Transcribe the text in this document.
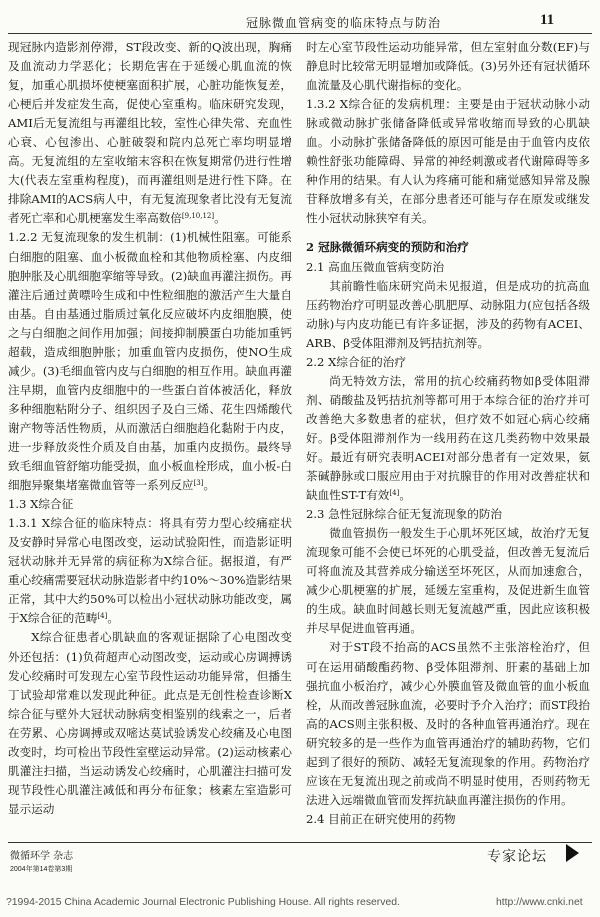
冠脉微血管病变的临床特点与防治	11

现冠脉内造影剂停滞，ST段改变、新的Q波出现，胸痛及血流动力学恶化；长期危害在于延缓心肌血流的恢复，加重心肌损坏使梗塞面积扩展，心脏功能恢复差，心梗后并发症发生高，促使心室重构。临床研究发现，AMI后无复流组与再灌组比较，室性心律失常、充血性心衰、心包渗出、心脏破裂和院内总死亡率均明显增高。无复流组的左室收缩末容积在恢复期常仍进行性增大(代表左室重构程度)，而再灌组则是进行性下降。在排除AMI的ACS病人中，有无复流现象者比没有无复流者死亡率和心肌梗塞发生率高数倍[9,10,12]。

1.2.2 无复流现象的发生机制：(1)机械性阻塞。可能系白细胞的阻塞、血小板微血栓和其他物质栓塞、内皮细胞肿胀及心肌细胞挛缩等导致。(2)缺血再灌注损伤。再灌注后通过黄嘌呤生成和中性粒细胞的激活产生大量自由基。自由基通过脂质过氧化反应破坏内皮细胞膜，使之与白细胞之间作用加强；间接抑制膜蛋白功能加重钙超载，造成细胞肿胀；加重血管内皮损伤，使NO生成减少。(3)毛细血管内皮与白细胞的相互作用。缺血再灌注早期，血管内皮细胞中的一些蛋白首体被活化，释放多种细胞粘附分子、组织因子及白三烯、花生四烯酸代谢产物等活性物质，从而激活白细胞趋化黏附于内皮，进一步释放炎性介质及自由基，加重内皮损伤。最终导致毛细血管舒缩功能受损，血小板血栓形成，血小板-白细胞异聚集堵塞微血管等一系列反应[3]。

1.3 X综合征

1.3.1 X综合征的临床特点：将具有劳力型心绞痛症状及安静时异常心电图改变，运动试验阳性，而造影证明冠状动脉并无异常的病征称为X综合征。据报道，有严重心绞痛需要冠状动脉造影者中约10%～30%造影结果正常，其中大约50%可以检出小冠状动脉功能改变，属于X综合征的范畴[4]。

X综合征患者心肌缺血的客观证据除了心电图改变外还包括：(1)负荷超声心动图改变，运动或心房调搏诱发心绞痛时可发现左心室节段性运动功能异常，但播生丁试验却常难以发现此种征。此点是无创性检查诊断X综合征与壁外大冠状动脉病变相鉴别的线索之一，后者在劳累、心房调搏或双嘧达莫试验诱发心绞痛及心电图改变时，均可检出节段性室壁运动异常。(2)运动核素心肌灌注扫描，当运动诱发心绞痛时，心肌灌注扫描可发现节段性心肌灌注减低和再分布征象；核素左室造影可显示运动

时左心室节段性运动功能异常，但左室射血分数(EF)与静息时比较常无明显增加或降低。(3)另外还有冠状循环血流量及心肌代谢指标的变化。

1.3.2 X综合征的发病机理：主要是由于冠状动脉小动脉或微动脉扩张储备降低或异常收缩而导致的心肌缺血。小动脉扩张储备降低的原因可能是由于血管内皮依赖性舒张功能障碍、异常的神经刺激或者代谢障碍等多种作用的结果。有人认为疼痛可能和痛觉感知异常及腺苷释放增多有关，在部分患者还可能与存在原发或继发性小冠状动脉狭窄有关。

2 冠脉微循环病变的预防和治疗

2.1 高血压微血管病变防治

其前瞻性临床研究尚未见报道，但是成功的抗高血压药物治疗可明显改善心肌肥厚、动脉阻力(应包括各级动脉)与内皮功能已有许多证据，涉及的药物有ACEI、ARB、β受体阻滞剂及钙拮抗剂等。

2.2 X综合征的治疗

尚无特效方法，常用的抗心绞痛药物如β受体阻滞剂、硝酸盐及钙拮抗剂等都可用于本综合征的治疗并可改善绝大多数患者的症状，但疗效不如冠心病心绞痛好。β受体阻滞剂作为一线用药在这几类药物中效果最好。最近有研究表明ACEI对部分患者有一定效果，氨茶碱静脉或口服应用由于对抗腺苷的作用对改善症状和缺血性ST-T有效[4]。

2.3 急性冠脉综合征无复流现象的防治

微血管损伤一般发生于心肌坏死区域，故治疗无复流现象可能不会使已坏死的心肌受益，但改善无复流后可将血流及其营养成分输送至坏死区，从而加速愈合，减少心肌梗塞的扩展，延缓左室重构，及促进新生血管的生成。缺血时间越长则无复流越严重，因此应该积极并尽早促进血管再通。

对于ST段不抬高的ACS虽然不主张溶栓治疗，但可在运用硝酸酯药物、β受体阻滞剂、肝素的基础上加强抗血小板治疗，减少心外膜血管及微血管的血小板血栓，从而改善冠脉血流，必要时予介入治疗；而ST段抬高的ACS则主张积极、及时的各种血管再通治疗。现在研究较多的是一些作为血管再通治疗的辅助药物，它们起到了很好的预防、减轻无复流现象的作用。药物治疗应该在无复流出现之前或尚不明显时使用，否则药物无法进入远端微血管而发挥抗缺血再灌注损伤的作用。

2.4 目前正在研究使用的药物

微循环学 杂志
2004年第14卷第3期
专家论坛
?1994-2015 China Academic Journal Electronic Publishing House. All rights reserved.	http://www.cnki.net
